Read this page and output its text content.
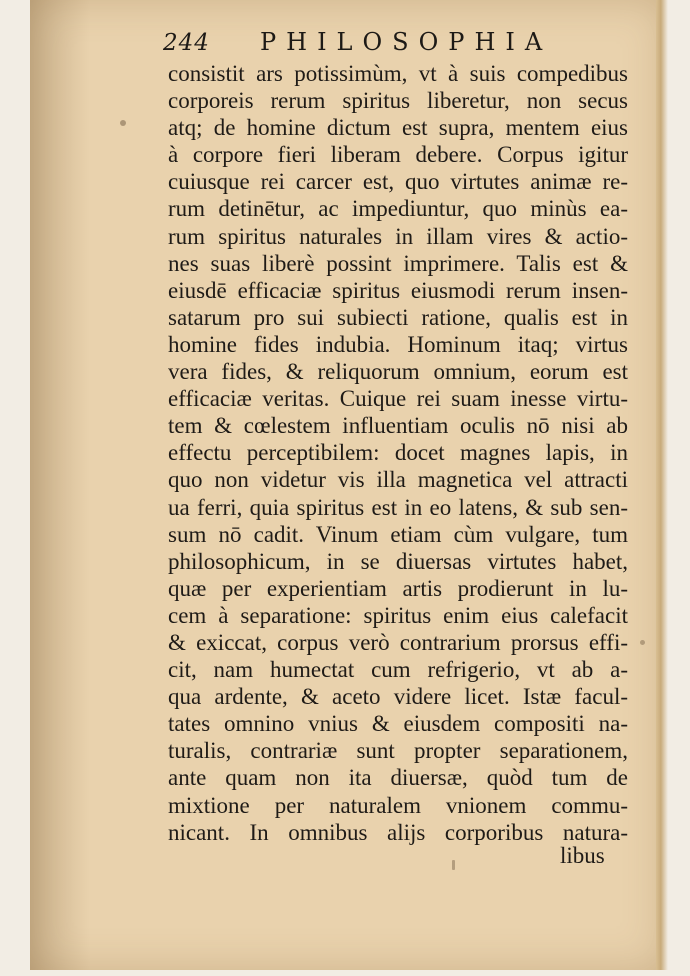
244 PHILOSOPHIA
consistit ars potissimùm, vt à suis compedibus
corporeis rerum spiritus liberetur, non secus
atq; de homine dictum est supra, mentem eius
à corpore fieri liberam debere. Corpus igitur
cuiusque rei carcer est, quo virtutes animæ re-
rum detinētur, ac impediuntur, quo minùs ea-
rum spiritus naturales in illam vires & actio-
nes suas liberè possint imprimere. Talis est &
eiusdē efficaciæ spiritus eiusmodi rerum insen-
satarum pro sui subiecti ratione, qualis est in
homine fides indubia. Hominum itaq; virtus
vera fides, & reliquorum omnium, eorum est
efficaciæ veritas. Cuique rei suam inesse virtu-
tem & cœlestem influentiam oculis nō nisi ab
effectu perceptibilem: docet magnes lapis, in
quo non videtur vis illa magnetica vel attracti
ua ferri, quia spiritus est in eo latens, & sub sen-
sum nō cadit. Vinum etiam cùm vulgare, tum
philosophicum, in se diuersas virtutes habet,
quæ per experientiam artis prodierunt in lu-
cem à separatione: spiritus enim eius calefacit
& exiccat, corpus verò contrarium prorsus effi-
cit, nam humectat cum refrigerio, vt ab a-
qua ardente, & aceto videre licet. Istæ facul-
tates omnino vnius & eiusdem compositi na-
turalis, contrariæ sunt propter separationem,
ante quam non ita diuersæ, quòd tum de
mixtione per naturalem vnionem commu-
nicant. In omnibus alijs corporibus natura-
libus
